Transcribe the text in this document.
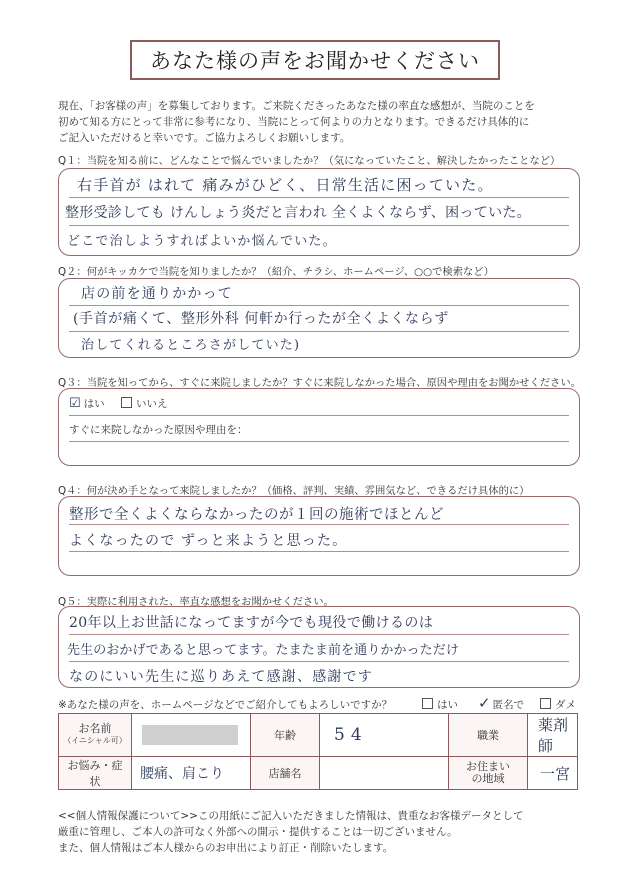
あなた様の声をお聞かせください
現在、「お客様の声」を募集しております。ご来院くださったあなた様の率直な感想が、当院のことを
初めて知る方にとって非常に参考になり、当院にとって何よりの力となります。できるだけ具体的に
ご記入いただけると幸いです。ご協力よろしくお願いします。
Q１：当院を知る前に、どんなことで悩んでいましたか？（気になっていたこと、解決したかったことなど）
右手首が はれて 痛みがひどく、日常生活に困っていた。
整形受診しても けんしょう炎だと言われ 全くよくならず、困っていた。
どこで治しようすればよいか悩んでいた。
Q２：何がキッカケで当院を知りましたか？（紹介、チラシ、ホームページ、○○で検索など）
店の前を通りかかって
(手首が痛くて、整形外科 何軒か行ったが全くよくならず
治してくれるところさがしていた)
Q３：当院を知ってから、すぐに来院しましたか？すぐに来院しなかった場合、原因や理由をお聞かせください。
☑ はい	いいえ
すぐに来院しなかった原因や理由を：
Q４：何が決め手となって来院しましたか？（価格、評判、実績、雰囲気など、できるだけ具体的に）
整形で全くよくならなかったのが１回の施術でほとんど
よくなったので ずっと来ようと思った。
Q５：実際に利用された、率直な感想をお聞かせください。
20年以上お世話になってますが今でも現役で働けるのは
先生のおかげであると思ってます。たまたま前を通りかかっただけ
なのにいい先生に巡りあえて感謝、感謝です
※あなた様の声を、ホームページなどでご紹介してもよろしいですか？	はい ✓ 匿名で	ダメ
お名前
（イニシャル可）		年齢	54	職業	薬剤師
お悩み・症状	腰痛、肩こり	店舗名		お住まい
の地域	一宮
<<個人情報保護について>>この用紙にご記入いただきました情報は、貴重なお客様データとして
厳重に管理し、ご本人の許可なく外部への開示・提供することは一切ございません。
また、個人情報はご本人様からのお申出により訂正・削除いたします。
